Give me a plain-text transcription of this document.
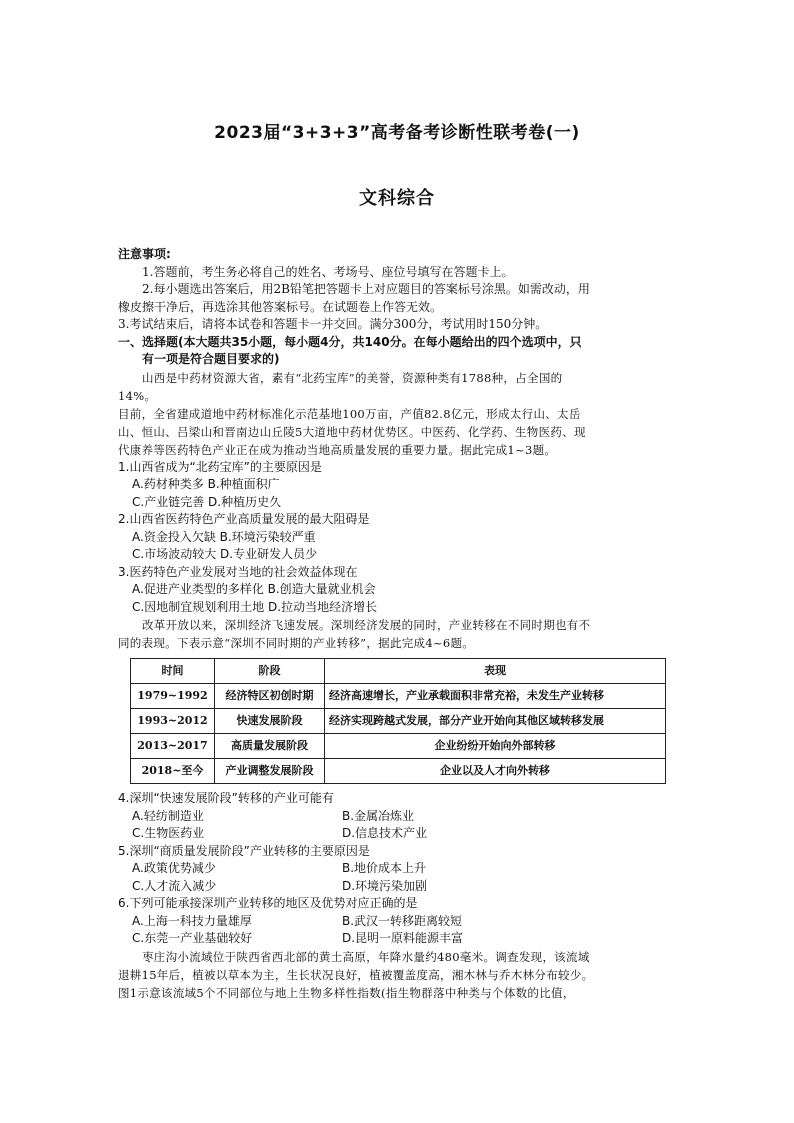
2023届“3+3+3”高考备考诊断性联考卷(一)
文科综合

注意事项:

1.答题前，考生务必将自己的姓名、考场号、座位号填写在答题卡上。

2.每小题选出答案后，用2B铅笔把答题卡上对应题目的答案标号涂黑。如需改动，用

橡皮擦干净后，再选涂其他答案标号。在试题卷上作答无效。

3.考试结束后，请将本试卷和答题卡一并交回。满分300分，考试用时150分钟。

一、选择题(本大题共35小题，每小题4分，共140分。在每小题给出的四个选项中，只

有一项是符合题目要求的)

山西是中药材资源大省，素有“北药宝库”的美誉，资源种类有1788种，占全国的

14%。

目前，全省建成道地中药材标准化示范基地100万亩，产值82.8亿元，形成太行山、太岳

山、恒山、吕梁山和晋南边山丘陵5大道地中药材优势区。中医药、化学药、生物医药、现

代康养等医药特色产业正在成为推动当地高质量发展的重要力量。据此完成1~3题。

1.山西省成为“北药宝库”的主要原因是

A.药材种类多 B.种植面积广

C.产业链完善 D.种植历史久

2.山西省医药特色产业高质量发展的最大阻碍是

A.资金投入欠缺 B.环境污染较严重

C.市场波动较大 D.专业研发人员少

3.医药特色产业发展对当地的社会效益体现在

A.促进产业类型的多样化 B.创造大量就业机会

C.因地制宜规划利用土地 D.拉动当地经济增长

改革开放以来，深圳经济飞速发展。深圳经济发展的同时，产业转移在不同时期也有不

同的表现。下表示意“深圳不同时期的产业转移”，据此完成4~6题。

时间	阶段	表现
1979~1992	经济特区初创时期	经济高速增长，产业承载面积非常充裕，未发生产业转移
1993~2012	快速发展阶段	经济实现跨越式发展，部分产业开始向其他区域转移发展
2013~2017	高质量发展阶段	企业纷纷开始向外部转移
2018~至今	产业调整发展阶段	企业以及人才向外转移

4.深圳“快速发展阶段”转移的产业可能有

A.轻纺制造业	B.金属冶炼业
C.生物医药业	D.信息技术产业

5.深圳“商质量发展阶段”产业转移的主要原因是

A.政策优势减少	B.地价成本上升
C.人才流入减少	D.环境污染加剧

6.下列可能承接深圳产业转移的地区及优势对应正确的是

A.上海一科技力量雄厚	B.武汉一转移距离较短
C.东莞一产业基础较好	D.昆明一原料能源丰富

枣庄沟小流域位于陕西省西北部的黄土高原，年降水量约480毫米。调查发现，该流域

退耕15年后，植被以草本为主，生长状况良好，植被覆盖度高，湘木林与乔木林分布较少。

图1示意该流域5个不同部位与地上生物多样性指数(指生物群落中种类与个体数的比值，
